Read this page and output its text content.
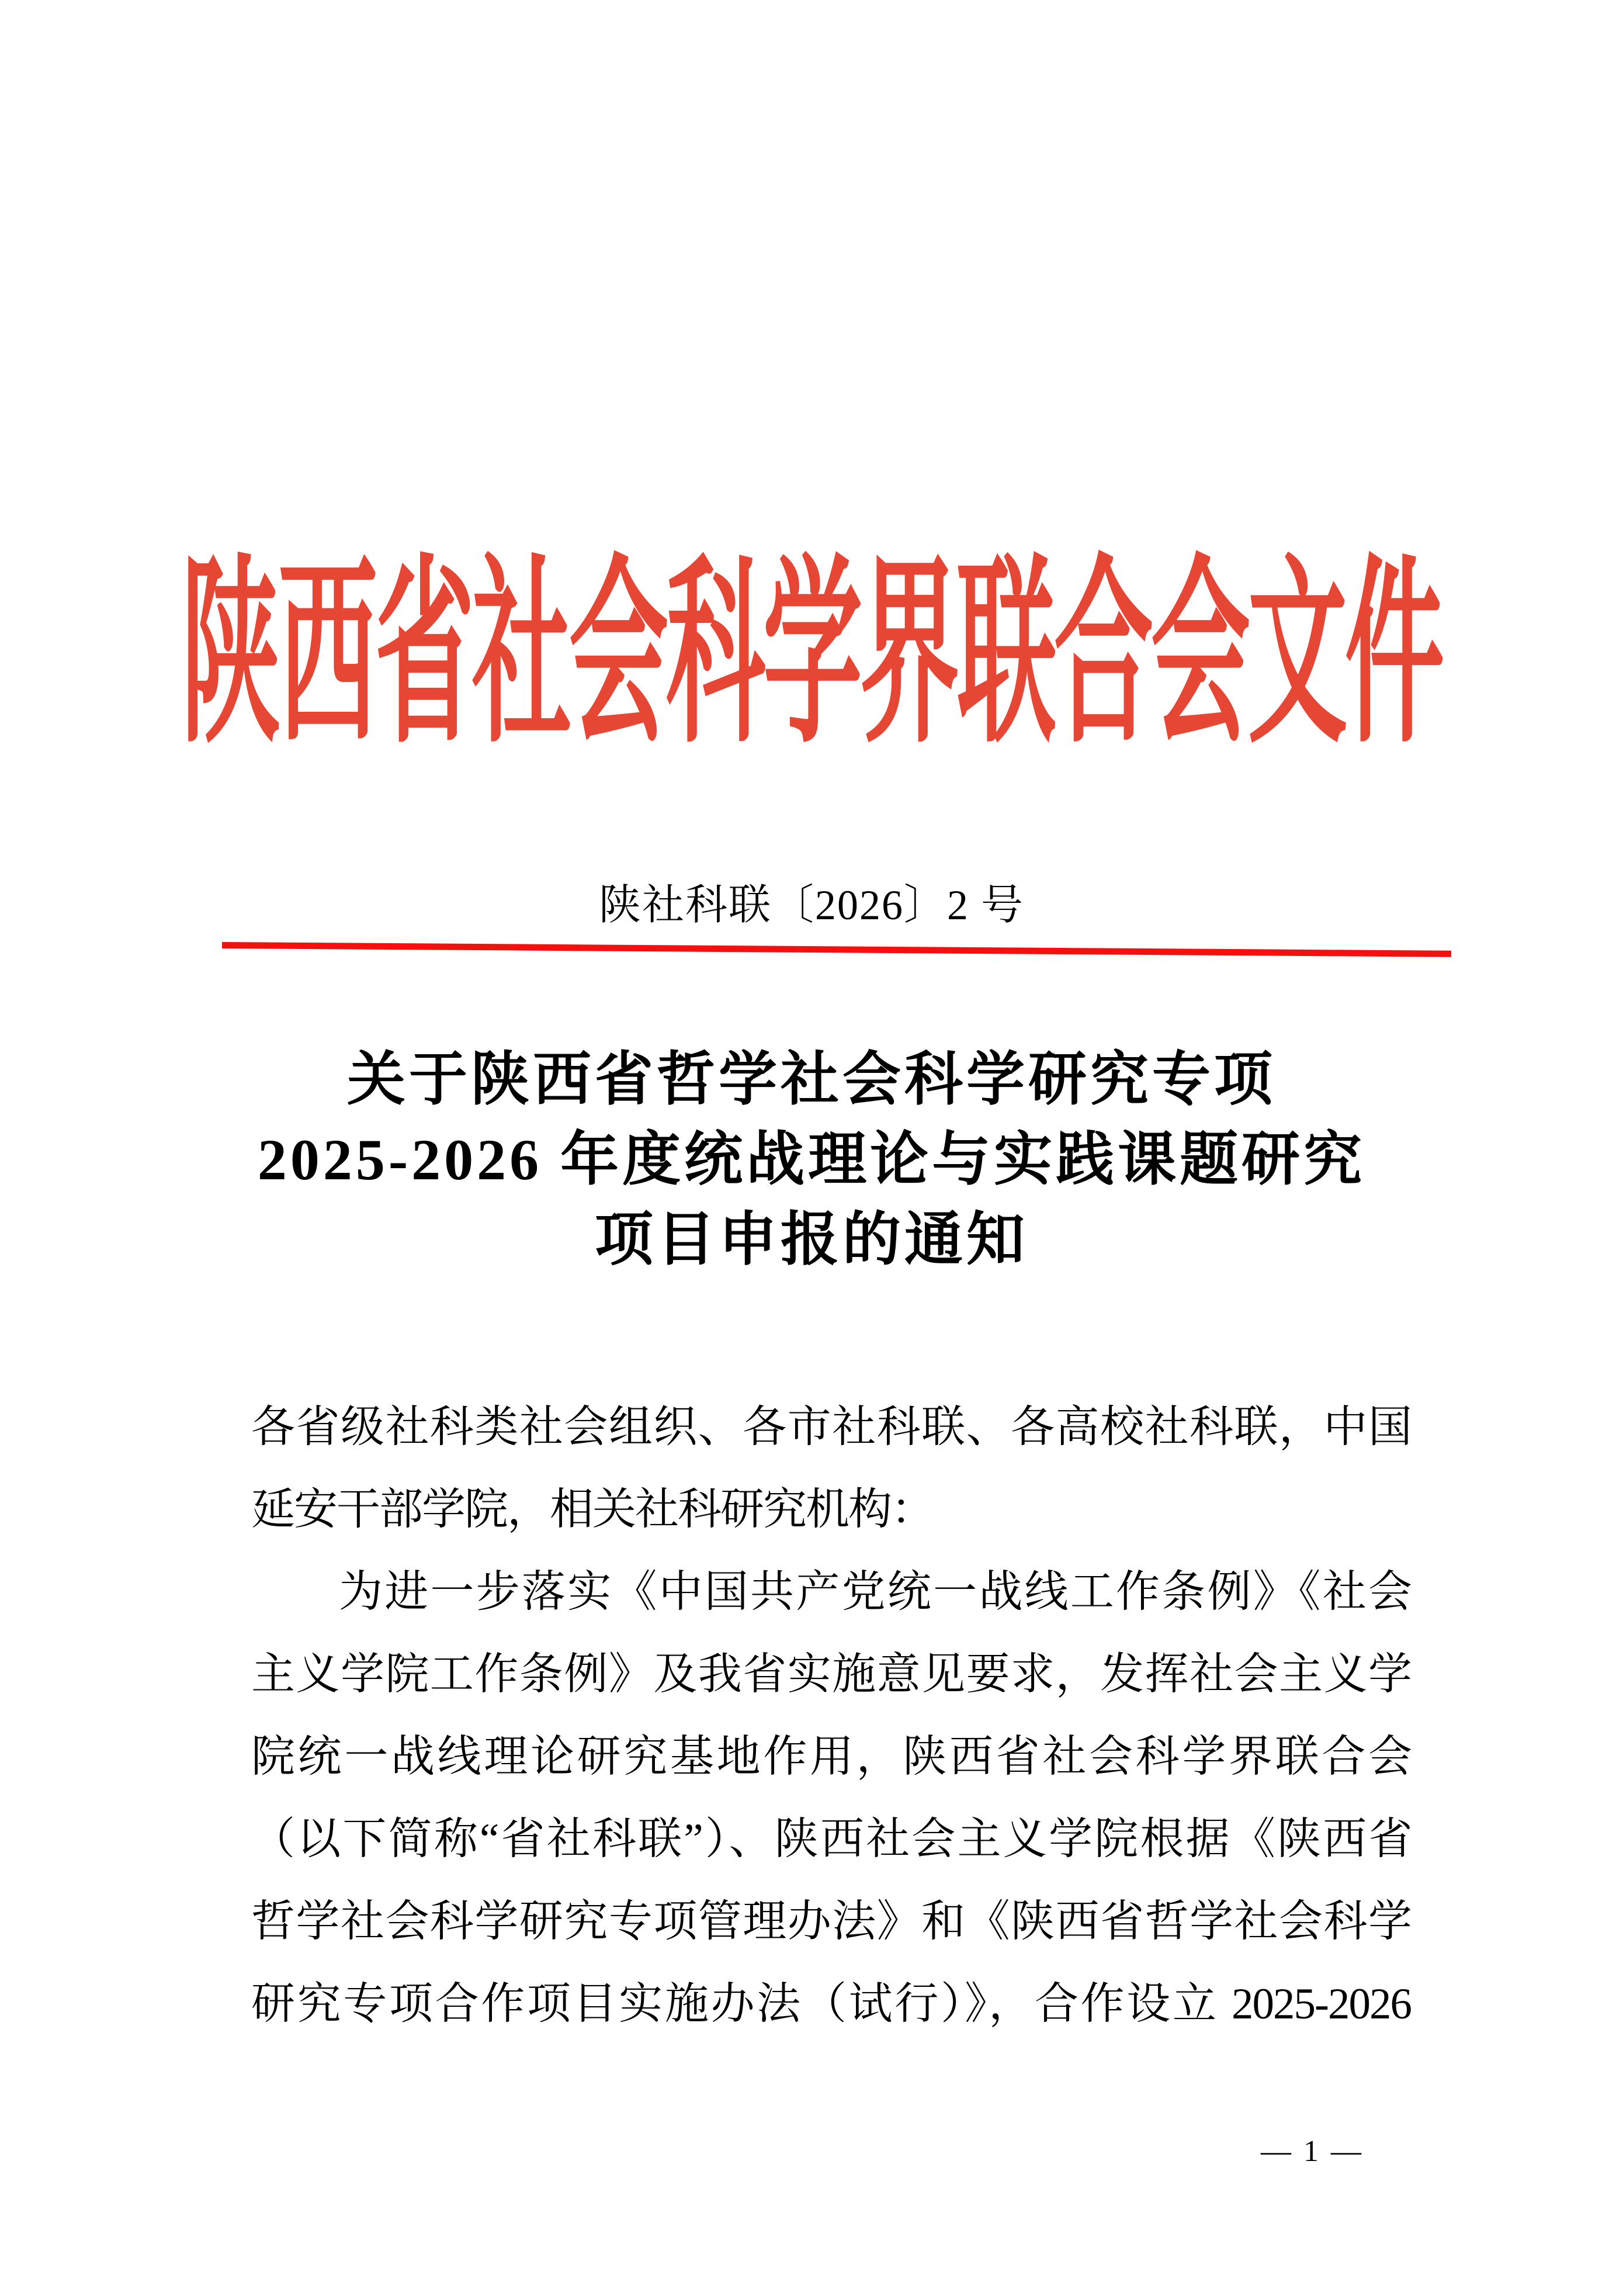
陕西省社会科学界联合会文件
陕社科联〔2026〕2 号
关于陕西省哲学社会科学研究专项
2025-2026 年度统战理论与实践课题研究
项目申报的通知
各省级社科类社会组织、各市社科联、各高校社科联，中国
延安干部学院，相关社科研究机构：
为进一步落实《中国共产党统一战线工作条例》《社会
主义学院工作条例》及我省实施意见要求，发挥社会主义学
院统一战线理论研究基地作用，陕西省社会科学界联合会
（以下简称“省社科联”）、陕西社会主义学院根据《陕西省
哲学社会科学研究专项管理办法》和《陕西省哲学社会科学
研究专项合作项目实施办法（试行）》，合作设立 2025-2026
— 1 —
